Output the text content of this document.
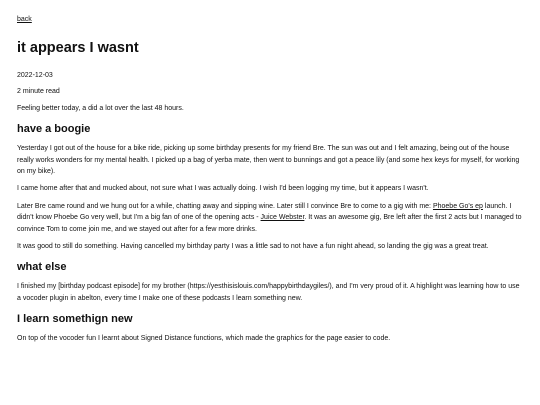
back
it appears I wasnt

2022-12-03

2 minute read

Feeling better today, a did a lot over the last 48 hours.

have a boogie

Yesterday I got out of the house for a bike ride, picking up some birthday presents for my friend Bre. The sun was out and I felt amazing, being out of the house really works wonders for my mental health. I picked up a bag of yerba mate, then went to bunnings and got a peace lily (and some hex keys for myself, for working on my bike).

I came home after that and mucked about, not sure what I was actually doing. I wish I'd been logging my time, but it appears I wasn't.

Later Bre came round and we hung out for a while, chatting away and sipping wine. Later still I convince Bre to come to a gig with me: Phoebe Go's ep launch. I didn't know Phoebe Go very well, but I'm a big fan of one of the opening acts - Juice Webster. It was an awesome gig, Bre left after the first 2 acts but I managed to convince Tom to come join me, and we stayed out after for a few more drinks.

It was good to still do something. Having cancelled my birthday party I was a little sad to not have a fun night ahead, so landing the gig was a great treat.

what else

I finished my [birthday podcast episode] for my brother (https://yesthisislouis.com/happybirthdaygiles/), and I'm very proud of it. A highlight was learning how to use a vocoder plugin in abelton, every time I make one of these podcasts I learn something new.

I learn somethign new

On top of the vocoder fun I learnt about Signed Distance functions, which made the graphics for the page easier to code.
